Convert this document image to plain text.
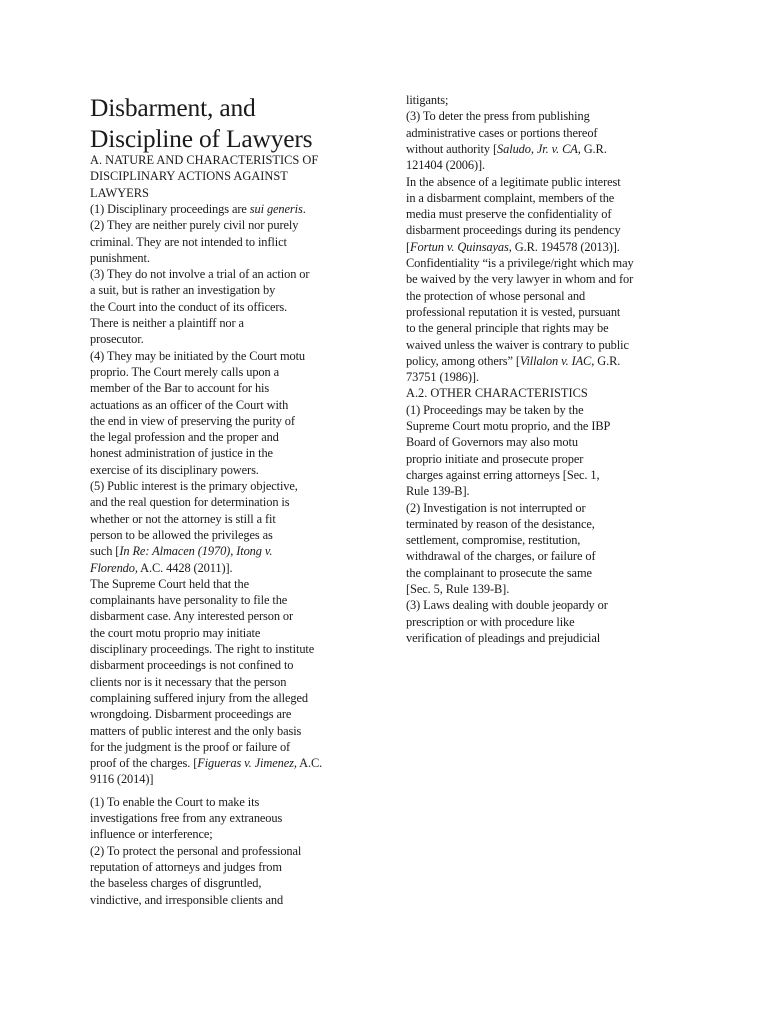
Disbarment, and
Discipline of Lawyers
A. NATURE AND CHARACTERISTICS OF
DISCIPLINARY ACTIONS AGAINST
LAWYERS
(1) Disciplinary proceedings are sui generis.
(2) They are neither purely civil nor purely
criminal. They are not intended to inflict
punishment.
(3) They do not involve a trial of an action or
a suit, but is rather an investigation by
the Court into the conduct of its officers.
There is neither a plaintiff nor a
prosecutor.
(4) They may be initiated by the Court motu
proprio. The Court merely calls upon a
member of the Bar to account for his
actuations as an officer of the Court with
the end in view of preserving the purity of
the legal profession and the proper and
honest administration of justice in the
exercise of its disciplinary powers.
(5) Public interest is the primary objective,
and the real question for determination is
whether or not the attorney is still a fit
person to be allowed the privileges as
such [In Re: Almacen (1970), Itong v.
Florendo, A.C. 4428 (2011)].
The Supreme Court held that the
complainants have personality to file the
disbarment case. Any interested person or
the court motu proprio may initiate
disciplinary proceedings. The right to institute
disbarment proceedings is not confined to
clients nor is it necessary that the person
complaining suffered injury from the alleged
wrongdoing. Disbarment proceedings are
matters of public interest and the only basis
for the judgment is the proof or failure of
proof of the charges. [Figueras v. Jimenez, A.C.
9116 (2014)]
(1) To enable the Court to make its
investigations free from any extraneous
influence or interference;
(2) To protect the personal and professional
reputation of attorneys and judges from
the baseless charges of disgruntled,
vindictive, and irresponsible clients and
litigants;
(3) To deter the press from publishing
administrative cases or portions thereof
without authority [Saludo, Jr. v. CA, G.R.
121404 (2006)].
In the absence of a legitimate public interest
in a disbarment complaint, members of the
media must preserve the confidentiality of
disbarment proceedings during its pendency
[Fortun v. Quinsayas, G.R. 194578 (2013)].
Confidentiality “is a privilege/right which may
be waived by the very lawyer in whom and for
the protection of whose personal and
professional reputation it is vested, pursuant
to the general principle that rights may be
waived unless the waiver is contrary to public
policy, among others” [Villalon v. IAC, G.R.
73751 (1986)].
A.2. OTHER CHARACTERISTICS
(1) Proceedings may be taken by the
Supreme Court motu proprio, and the IBP
Board of Governors may also motu
proprio initiate and prosecute proper
charges against erring attorneys [Sec. 1,
Rule 139-B].
(2) Investigation is not interrupted or
terminated by reason of the desistance,
settlement, compromise, restitution,
withdrawal of the charges, or failure of
the complainant to prosecute the same
[Sec. 5, Rule 139-B].
(3) Laws dealing with double jeopardy or
prescription or with procedure like
verification of pleadings and prejudicial
